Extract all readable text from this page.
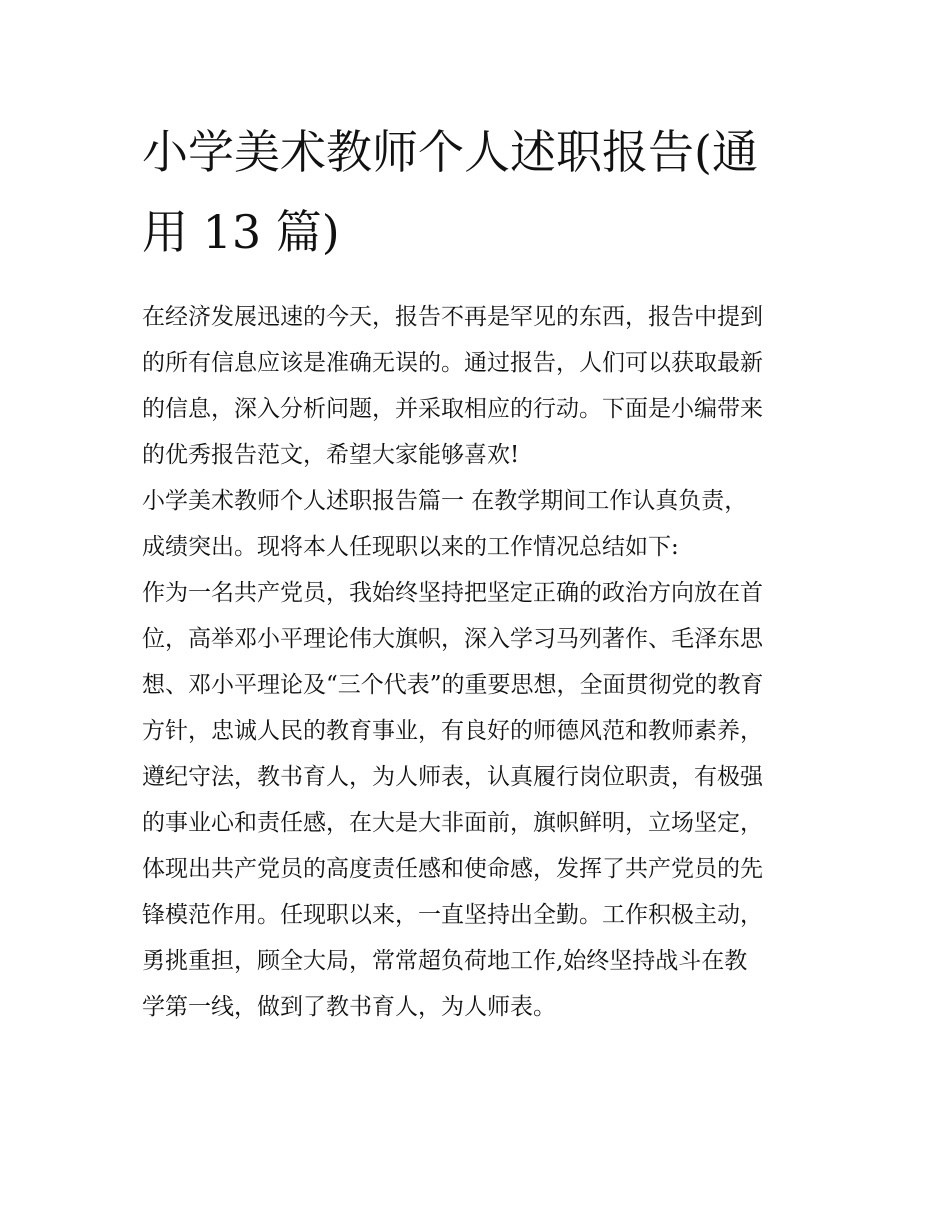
小学美术教师个人述职报告(通
用 13 篇)
在经济发展迅速的今天，报告不再是罕见的东西，报告中提到
的所有信息应该是准确无误的。通过报告，人们可以获取最新
的信息，深入分析问题，并采取相应的行动。下面是小编带来
的优秀报告范文，希望大家能够喜欢!
小学美术教师个人述职报告篇一 在教学期间工作认真负责，
成绩突出。现将本人任现职以来的工作情况总结如下:
作为一名共产党员，我始终坚持把坚定正确的政治方向放在首
位，高举邓小平理论伟大旗帜，深入学习马列著作、毛泽东思
想、邓小平理论及“三个代表”的重要思想，全面贯彻党的教育
方针，忠诚人民的教育事业，有良好的师德风范和教师素养，
遵纪守法，教书育人，为人师表，认真履行岗位职责，有极强
的事业心和责任感，在大是大非面前，旗帜鲜明，立场坚定，
体现出共产党员的高度责任感和使命感，发挥了共产党员的先
锋模范作用。任现职以来，一直坚持出全勤。工作积极主动，
勇挑重担，顾全大局，常常超负荷地工作,始终坚持战斗在教
学第一线，做到了教书育人，为人师表。
